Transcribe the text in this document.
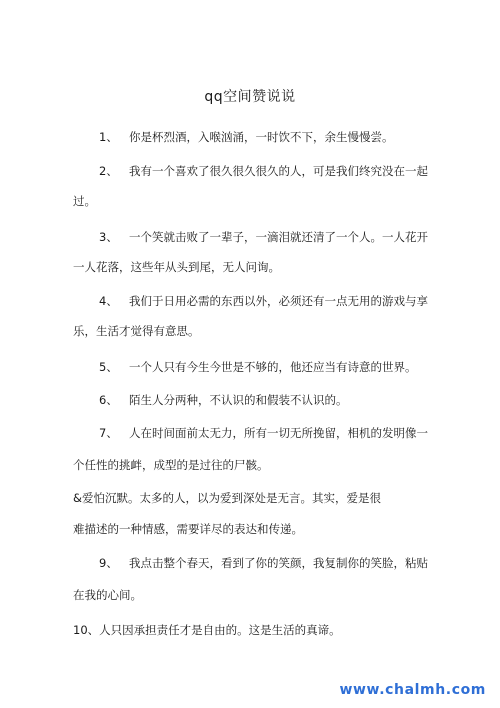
qq空间赞说说
1、 你是杯烈酒，入喉汹涌，一时饮不下，余生慢慢尝。
2、 我有一个喜欢了很久很久很久的人，可是我们终究没在一起
过。
3、 一个笑就击败了一辈子，一滴泪就还清了一个人。一人花开
一人花落，这些年从头到尾，无人问询。
4、 我们于日用必需的东西以外，必须还有一点无用的游戏与享
乐，生活才觉得有意思。
5、 一个人只有今生今世是不够的，他还应当有诗意的世界。
6、 陌生人分两种，不认识的和假装不认识的。
7、 人在时间面前太无力，所有一切无所挽留，相机的发明像一
个任性的挑衅，成型的是过往的尸骸。
&爱怕沉默。太多的人，以为爱到深处是无言。其实，爱是很
难描述的一种情感，需要详尽的表达和传递。
9、 我点击整个春天，看到了你的笑颜，我复制你的笑脸，粘贴
在我的心间。
10、人只因承担责任才是自由的。这是生活的真谛。
www.chalmh.com
